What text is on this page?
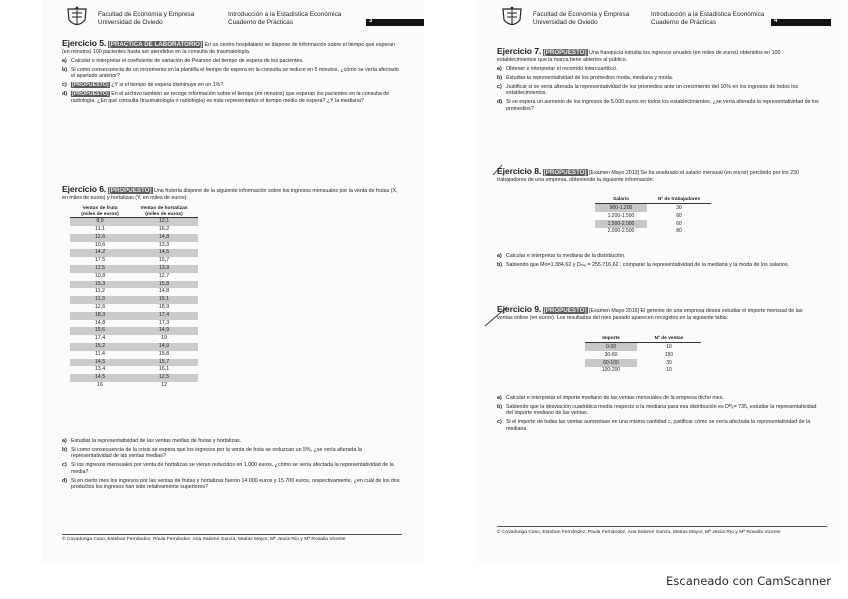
Facultad de Economía y Empresa
Universidad de Oviedo
Introducción a la Estadística Económica
Cuaderno de Prácticas	3
Ejercicio 5. [PRÁCTICA DE LABORATORIO] En un centro hospitalario se dispone de información sobre el tiempo que esperan (en minutos) 100 pacientes hasta ser atendidos en la consulta de traumatología.
a) Calcular e interpretar el coeficiente de variación de Pearson del tiempo de espera de los pacientes.
b) Si como consecuencia de un incremento en la plantilla el tiempo de espera en la consulta se reduce en 5 minutos, ¿cómo se vería afectado el apartado anterior?
c) [PROPUESTO] ¿Y si el tiempo de espera disminuye en un 1%?
d) [PROPUESTO] En el archivo también se recoge información sobre el tiempo (en minutos) que esperan los pacientes en la consulta de radiología. ¿En qué consulta (traumatología o radiología) es más representativo el tiempo medio de espera? ¿Y la mediana?
Ejercicio 6. [PROPUESTO] Una frutería dispone de la siguiente información sobre los ingresos mensuales por la venta de frutas (X, en miles de euros) y hortalizas (Y, en miles de euros):
Ventas de fruta (miles de euros)	Ventas de hortalizas (miles de euros)
8,9	12,1
11,1	16,2
12,6	14,8
10,6	13,3
14,2	14,5
17,5	15,7
11,5	13,9
10,8	12,7
15,3	15,8
11,2	14,8
11,3	15,1
12,6	18,9
18,3	17,4
14,8	17,3
15,6	14,9
17,4	19
15,2	14,9
11,4	15,8
14,5	15,7
13,4	16,1
14,5	12,5
16	12
a) Estudiar la representatividad de las ventas medias de frutas y hortalizas.
b) Si como consecuencia de la crisis se espera que los ingresos por la venta de fruta se reduzcan un 5%, ¿se vería alterada la representatividad de las ventas medias?
c) Si los ingresos mensuales por venta de hortalizas se vieran reducidos en 1.000 euros, ¿cómo se vería afectada la representatividad de la media?
d) Si en cierto mes los ingresos por las ventas de frutas y hortalizas fueron 14.000 euros y 15.700 euros, respectivamente, ¿en cuál de los dos productos los ingresos han sido relativamente superiores?
© Covadonga Caso, Esteban Fernández, Paula Fernández, Ana Salomé García, Matías Mayor, Mª Jesús Río y Mª Rosalía Vicente
Facultad de Economía y Empresa
Universidad de Oviedo
Introducción a la Estadística Económica
Cuaderno de Prácticas	4
Ejercicio 7. [PROPUESTO] Una franquicia estudia los ingresos anuales (en miles de euros) obtenidos en 100 establecimientos que la marca tiene abiertos al público.
a) Obtener e interpretar el recorrido intercuartílico.
b) Estudiar la representatividad de los promedios moda, mediana y moda.
c) Justificar si se vería alterada la representatividad de los promedios ante un crecimiento del 10% en los ingresos de todos los establecimientos.
d) Si se espera un aumento de los ingresos de 5.000 euros en todos los establecimientos, ¿se vería alterada la representatividad de los promedios?
Ejercicio 8. [PROPUESTO] [Examen Mayo 2013] Se ha analizado el salario mensual (en euros) percibido por los 230 trabajadores de una empresa, obteniendo la siguiente información:
Salario	Nº de trabajadores
900-1.200	30
1.200-1.500	60
1.500-2.000	60
2.000-2.500	80
a) Calcular e interpretar la mediana de la distribución.
b) Sabiendo que Mo=1.384,62 y Dₘₑ = 255.716,62 ; comparar la representatividad de la mediana y la moda de los salarios.
Ejercicio 9. [PROPUESTO] [Examen Mayo 2016] El gerente de una empresa desea estudiar el importe mensual de las ventas online (en euros). Los resultados del mes pasado aparecen recogidos en la siguiente tabla:
Importe	Nº de ventas
0-30	10
30-60	150
60-100	30
100-200	10
a) Calcular e interpretar el importe mediano de las ventas mensuales de la empresa dicho mes.
b) Sabiendo que la desviación cuadrática media respecto a la mediana para esa distribución es Dᴹₑ= 735, estudiar la representatividad del importe mediano de las ventas.
c) Si el importe de todas las ventas aumentase en una misma cantidad c, justificar cómo se vería afectada la representatividad de la mediana.
© Covadonga Caso, Esteban Fernández, Paula Fernández, Ana Salomé García, Matías Mayor, Mª Jesús Río y Mª Rosalía Vicente
Escaneado con CamScanner
